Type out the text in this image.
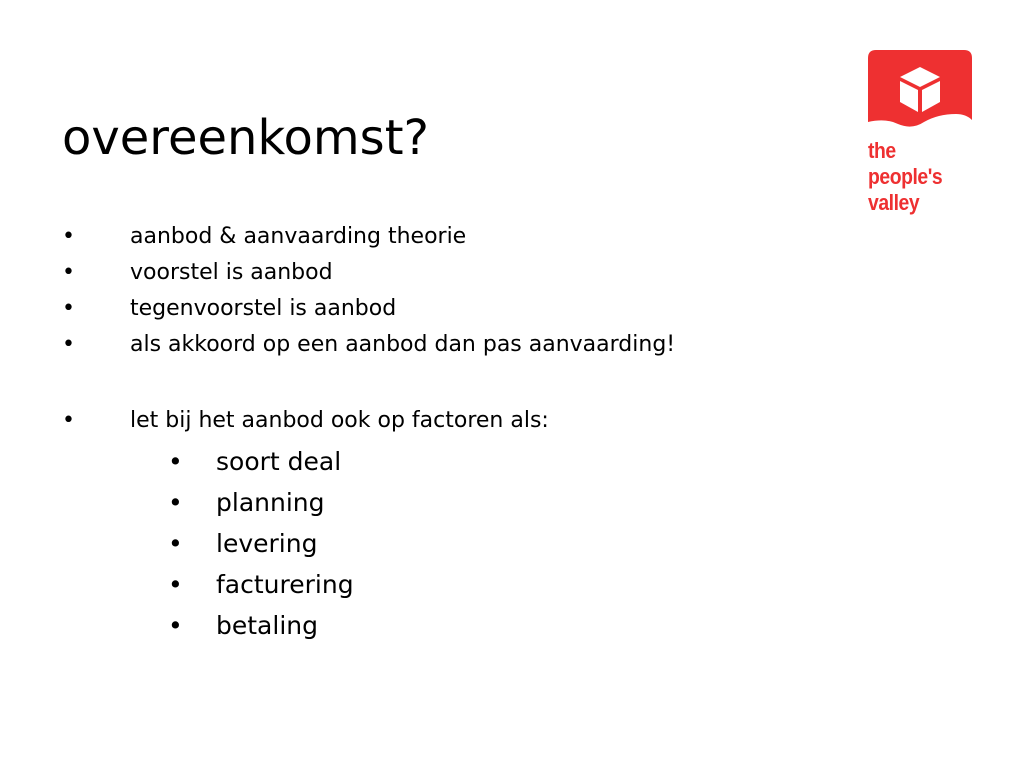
overeenkomst?
•	aanbod & aanvaarding theorie
•	voorstel is aanbod
•	tegenvoorstel is aanbod
•	als akkoord op een aanbod dan pas aanvaarding!
•	let bij het aanbod ook op factoren als:
• soort deal
• planning
• levering
• facturering
• betaling
the
people's
valley
